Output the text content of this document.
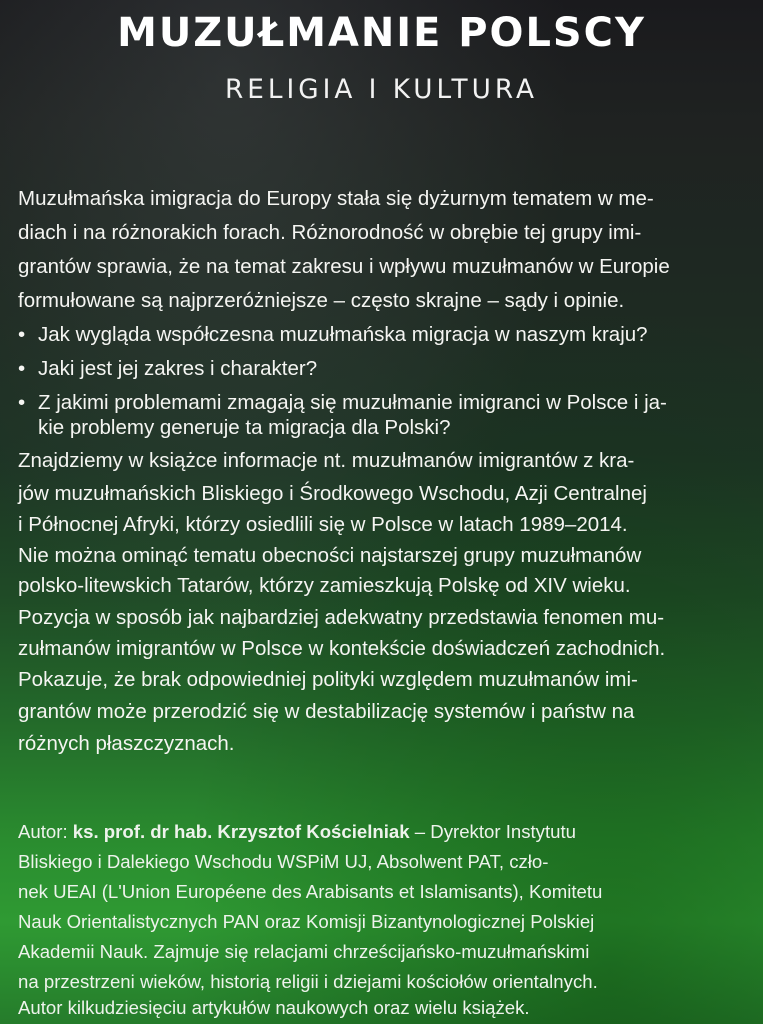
MUZUŁMANIE POLSCY
RELIGIA I KULTURA
Muzułmańska imigracja do Europy stała się dyżurnym tematem w me-
diach i na różnorakich forach. Różnorodność w obrębie tej grupy imi-
grantów sprawia, że na temat zakresu i wpływu muzułmanów w Europie
formułowane są najprzeróżniejsze – często skrajne – sądy i opinie.
• Jak wygląda współczesna muzułmańska migracja w naszym kraju?
• Jaki jest jej zakres i charakter?
• Z jakimi problemami zmagają się muzułmanie imigranci w Polsce i ja-
kie problemy generuje ta migracja dla Polski?
Znajdziemy w książce informacje nt. muzułmanów imigrantów z kra-
jów muzułmańskich Bliskiego i Środkowego Wschodu, Azji Centralnej
i Północnej Afryki, którzy osiedlili się w Polsce w latach 1989–2014.
Nie można ominąć tematu obecności najstarszej grupy muzułmanów
polsko-litewskich Tatarów, którzy zamieszkują Polskę od XIV wieku.
Pozycja w sposób jak najbardziej adekwatny przedstawia fenomen mu-
zułmanów imigrantów w Polsce w kontekście doświadczeń zachodnich.
Pokazuje, że brak odpowiedniej polityki względem muzułmanów imi-
grantów może przerodzić się w destabilizację systemów i państw na
różnych płaszczyznach.
Autor: ks. prof. dr hab. Krzysztof Kościelniak – Dyrektor Instytutu
Bliskiego i Dalekiego Wschodu WSPiM UJ, Absolwent PAT, czło-
nek UEAI (L'Union Européene des Arabisants et Islamisants), Komitetu
Nauk Orientalistycznych PAN oraz Komisji Bizantynologicznej Polskiej
Akademii Nauk. Zajmuje się relacjami chrześcijańsko-muzułmańskimi
na przestrzeni wieków, historią religii i dziejami kościołów orientalnych.
Autor kilkudziesięciu artykułów naukowych oraz wielu książek.
